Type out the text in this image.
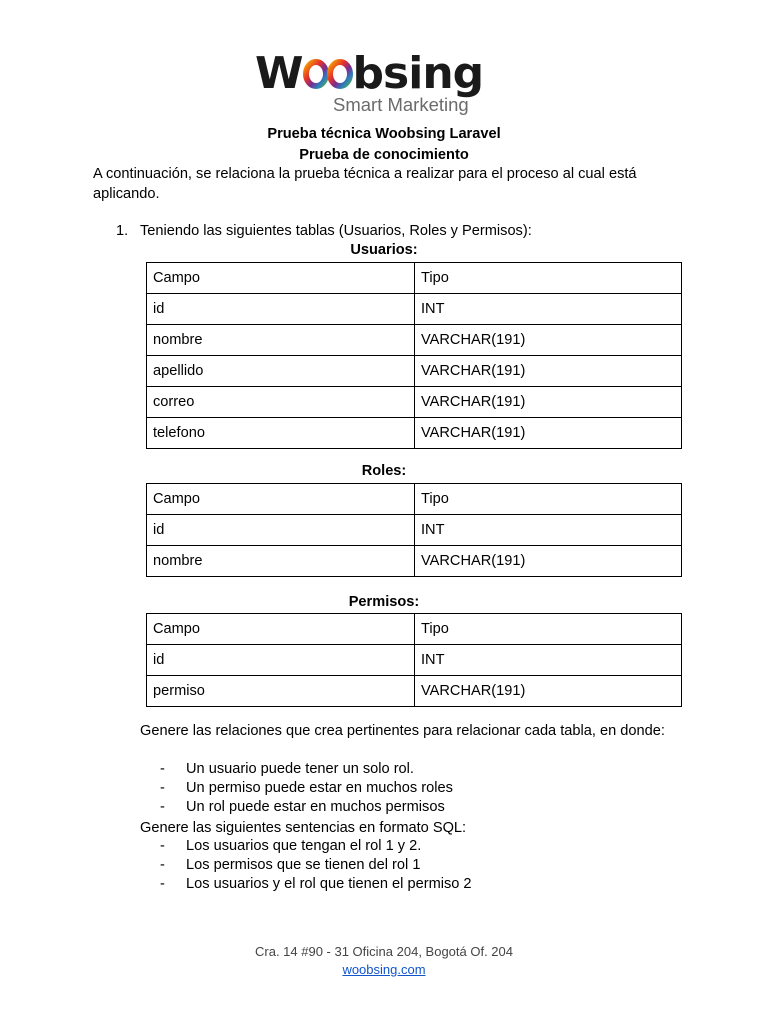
W bsing
Smart Marketing
Prueba técnica Woobsing Laravel
Prueba de conocimiento
A continuación, se relaciona la prueba técnica a realizar para el proceso al cual está aplicando.
1. Teniendo las siguientes tablas (Usuarios, Roles y Permisos):
Usuarios:
Campo	Tipo
id	INT
nombre	VARCHAR(191)
apellido	VARCHAR(191)
correo	VARCHAR(191)
telefono	VARCHAR(191)
Roles:
Campo	Tipo
id	INT
nombre	VARCHAR(191)
Permisos:
Campo	Tipo
id	INT
permiso	VARCHAR(191)
Genere las relaciones que crea pertinentes para relacionar cada tabla, en donde:
- Un usuario puede tener un solo rol.
- Un permiso puede estar en muchos roles
- Un rol puede estar en muchos permisos
Genere las siguientes sentencias en formato SQL:
- Los usuarios que tengan el rol 1 y 2.
- Los permisos que se tienen del rol 1
- Los usuarios y el rol que tienen el permiso 2
Cra. 14 #90 - 31 Oficina 204, Bogotá Of. 204
woobsing.com
